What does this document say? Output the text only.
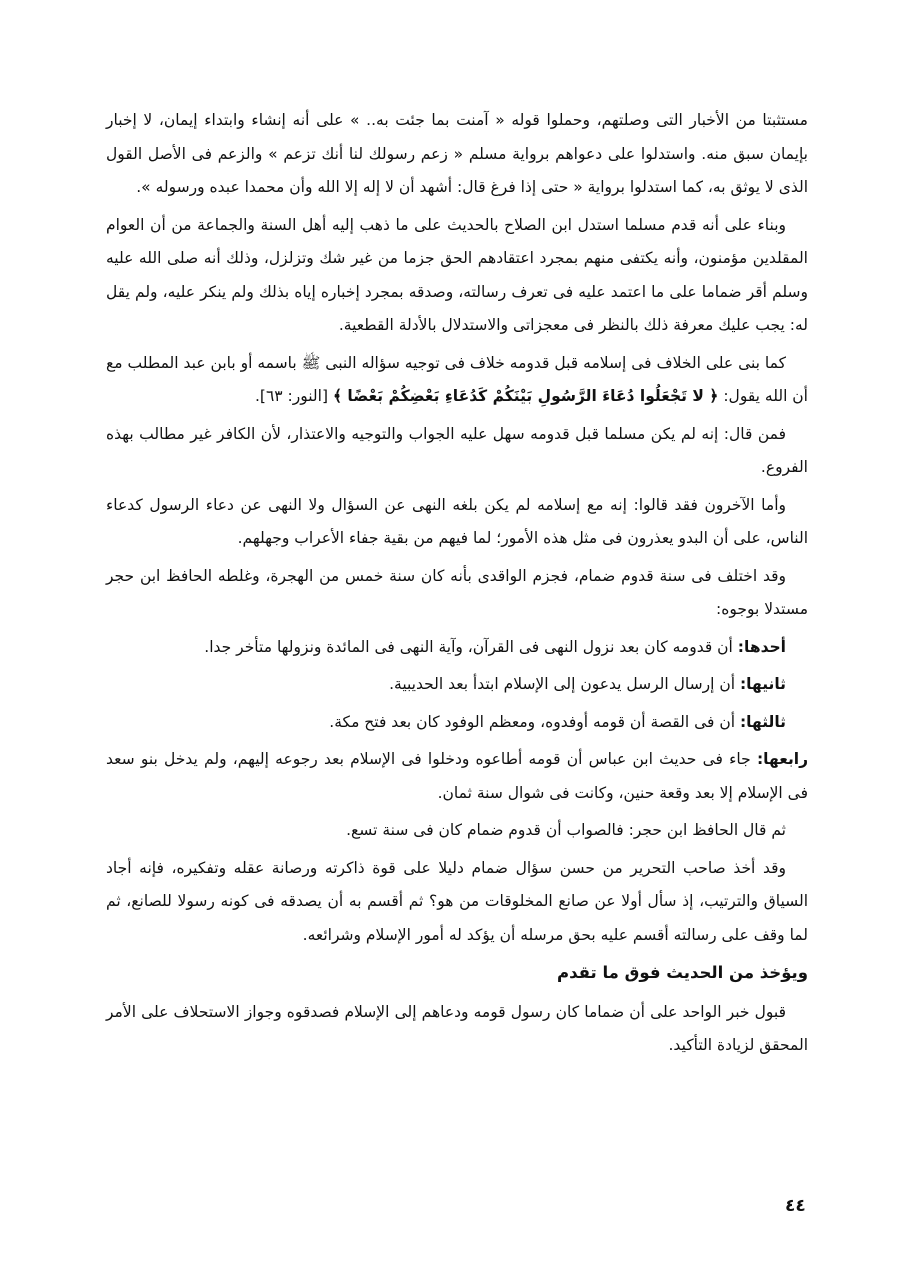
مستثبتا من الأخبار التى وصلتهم، وحملوا قوله « آمنت بما جئت به.. » على أنه إنشاء وابتداء إيمان، لا إخبار بإيمان سبق منه. واستدلوا على دعواهم برواية مسلم « زعم رسولك لنا أنك تزعم » والزعم فى الأصل القول الذى لا يوثق به، كما استدلوا برواية « حتى إذا فرغ قال: أشهد أن لا إله إلا الله وأن محمدا عبده ورسوله ».

وبناء على أنه قدم مسلما استدل ابن الصلاح بالحديث على ما ذهب إليه أهل السنة والجماعة من أن العوام المقلدين مؤمنون، وأنه يكتفى منهم بمجرد اعتقادهم الحق جزما من غير شك وتزلزل، وذلك أنه صلى الله عليه وسلم أقر ضماما على ما اعتمد عليه فى تعرف رسالته، وصدقه بمجرد إخباره إياه بذلك ولم ينكر عليه، ولم يقل له: يجب عليك معرفة ذلك بالنظر فى معجزاتى والاستدلال بالأدلة القطعية.

كما بنى على الخلاف فى إسلامه قبل قدومه خلاف فى توجيه سؤاله النبى ﷺ باسمه أو بابن عبد المطلب مع أن الله يقول: ﴿ لا تَجْعَلُوا دُعَاءَ الرَّسُولِ بَيْنَكُمْ كَدُعَاءِ بَعْضِكُمْ بَعْضًا ﴾ [النور: ٦٣].

فمن قال: إنه لم يكن مسلما قبل قدومه سهل عليه الجواب والتوجيه والاعتذار، لأن الكافر غير مطالب بهذه الفروع.

وأما الآخرون فقد قالوا: إنه مع إسلامه لم يكن بلغه النهى عن السؤال ولا النهى عن دعاء الرسول كدعاء الناس، على أن البدو يعذرون فى مثل هذه الأمور؛ لما فيهم من بقية جفاء الأعراب وجهلهم.

وقد اختلف فى سنة قدوم ضمام، فجزم الواقدى بأنه كان سنة خمس من الهجرة، وغلطه الحافظ ابن حجر مستدلا بوجوه:

أحدها: أن قدومه كان بعد نزول النهى فى القرآن، وآية النهى فى المائدة ونزولها متأخر جدا.

ثانيها: أن إرسال الرسل يدعون إلى الإسلام ابتدأ بعد الحديبية.

ثالثها: أن فى القصة أن قومه أوفدوه، ومعظم الوفود كان بعد فتح مكة.

رابعها: جاء فى حديث ابن عباس أن قومه أطاعوه ودخلوا فى الإسلام بعد رجوعه إليهم، ولم يدخل بنو سعد فى الإسلام إلا بعد وقعة حنين، وكانت فى شوال سنة ثمان.

ثم قال الحافظ ابن حجر: فالصواب أن قدوم ضمام كان فى سنة تسع.

وقد أخذ صاحب التحرير من حسن سؤال ضمام دليلا على قوة ذاكرته ورصانة عقله وتفكيره، فإنه أجاد السياق والترتيب، إذ سأل أولا عن صانع المخلوقات من هو؟ ثم أقسم به أن يصدقه فى كونه رسولا للصانع، ثم لما وقف على رسالته أقسم عليه بحق مرسله أن يؤكد له أمور الإسلام وشرائعه.

ويؤخذ من الحديث فوق ما تقدم

قبول خبر الواحد على أن ضماما كان رسول قومه ودعاهم إلى الإسلام فصدقوه وجواز الاستحلاف على الأمر المحقق لزيادة التأكيد.

٤٤
